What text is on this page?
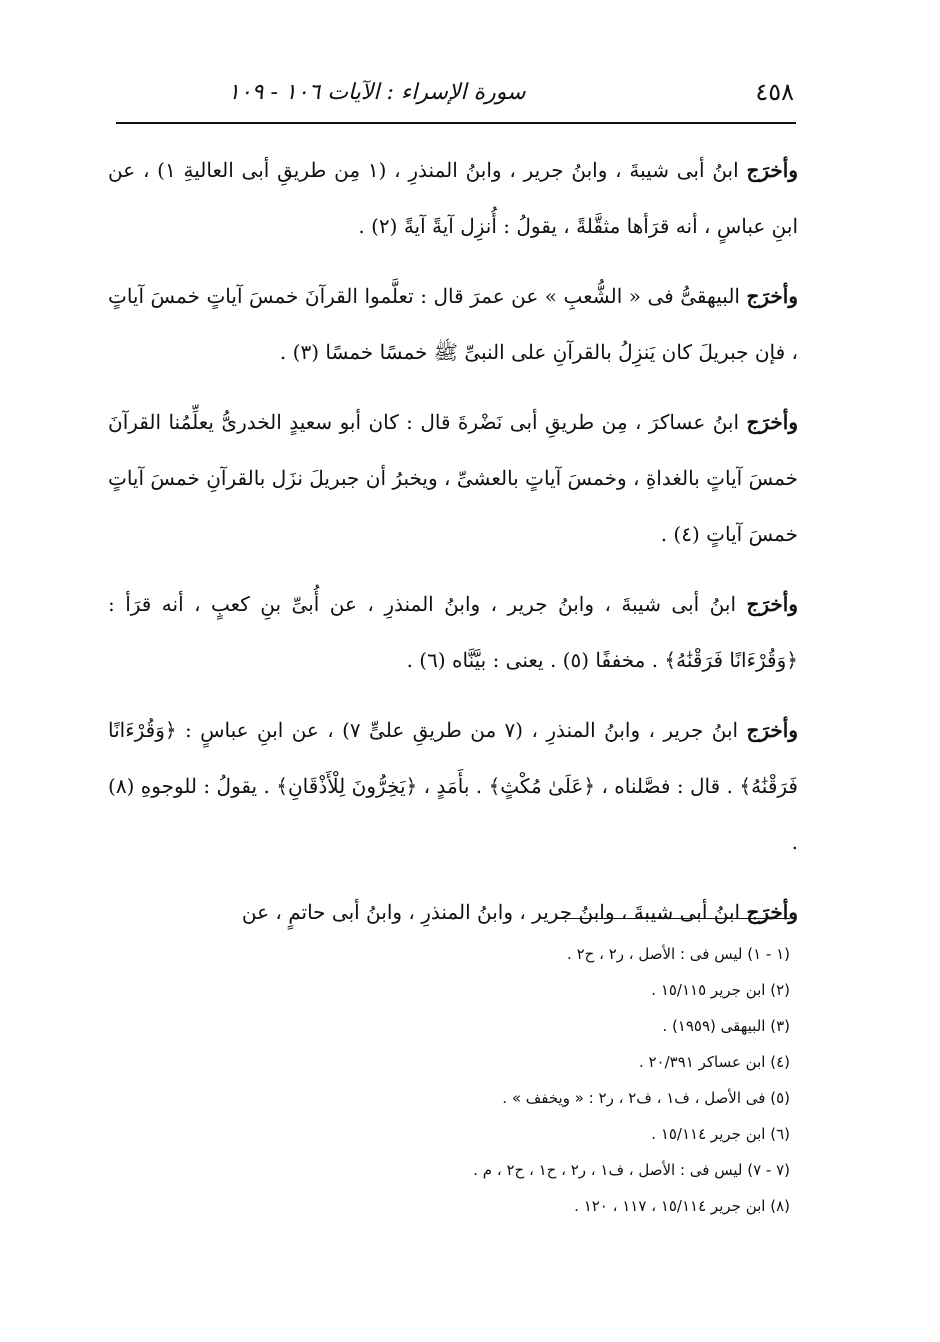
٤٥٨
سورة الإسراء : الآيات ١٠٦ - ١٠٩

وأخرَج ابنُ أبى شيبةَ ، وابنُ جرير ، وابنُ المنذرِ ، (١ مِن طريقِ أبى العاليةِ ١) ، عن ابنِ عباسٍ ، أنه قرَأها مثقَّلةً ، يقولُ : أُنزِل آيةً آيةً (٢) .

وأخرَج البيهقىُّ فى « الشُّعبِ » عن عمرَ قال : تعلَّموا القرآنَ خمسَ آياتٍ خمسَ آياتٍ ، فإن جبريلَ كان يَنزِلُ بالقرآنِ على النبىِّ ﷺ خمسًا خمسًا (٣) .

وأخرَج ابنُ عساكرَ ، مِن طريقِ أبى نَضْرةَ قال : كان أبو سعيدٍ الخدرىُّ يعلِّمُنا القرآنَ خمسَ آياتٍ بالغداةِ ، وخمسَ آياتٍ بالعشىِّ ، ويخبرُ أن جبريلَ نزَل بالقرآنِ خمسَ آياتٍ خمسَ آياتٍ (٤) .

وأخرَج ابنُ أبى شيبةَ ، وابنُ جرير ، وابنُ المنذرِ ، عن أُبىِّ بنِ كعبٍ ، أنه قرَأ : ﴿وَقُرْءَانًا فَرَقْنَٰهُ﴾ . مخففًا (٥) . يعنى : بيَّنَّاه (٦) .

وأخرَج ابنُ جرير ، وابنُ المنذرِ ، (٧ من طريقِ علىٍّ ٧) ، عن ابنِ عباسٍ : ﴿وَقُرْءَانًا فَرَقْنَٰهُ﴾ . قال : فصَّلناه ، ﴿عَلَىٰ مُكْثٍ﴾ . بأَمَدٍ ، ﴿يَخِرُّونَ لِلْأَذْقَانِ﴾ . يقولُ : للوجوهِ (٨) .

وأخرَج ابنُ أبى شيبةَ ، وابنُ جرير ، وابنُ المنذرِ ، وابنُ أبى حاتمٍ ، عن

(١ - ١) ليس فى : الأصل ، ر٢ ، ح٢ .
(٢) ابن جرير ١٥/١١٥ .
(٣) البيهقى (١٩٥٩) .
(٤) ابن عساكر ٢٠/٣٩١ .
(٥) فى الأصل ، ف١ ، ف٢ ، ر٢ : « ويخفف » .
(٦) ابن جرير ١٥/١١٤ .
(٧ - ٧) ليس فى : الأصل ، ف١ ، ر٢ ، ح١ ، ح٢ ، م .
(٨) ابن جرير ١٥/١١٤ ، ١١٧ ، ١٢٠ .
